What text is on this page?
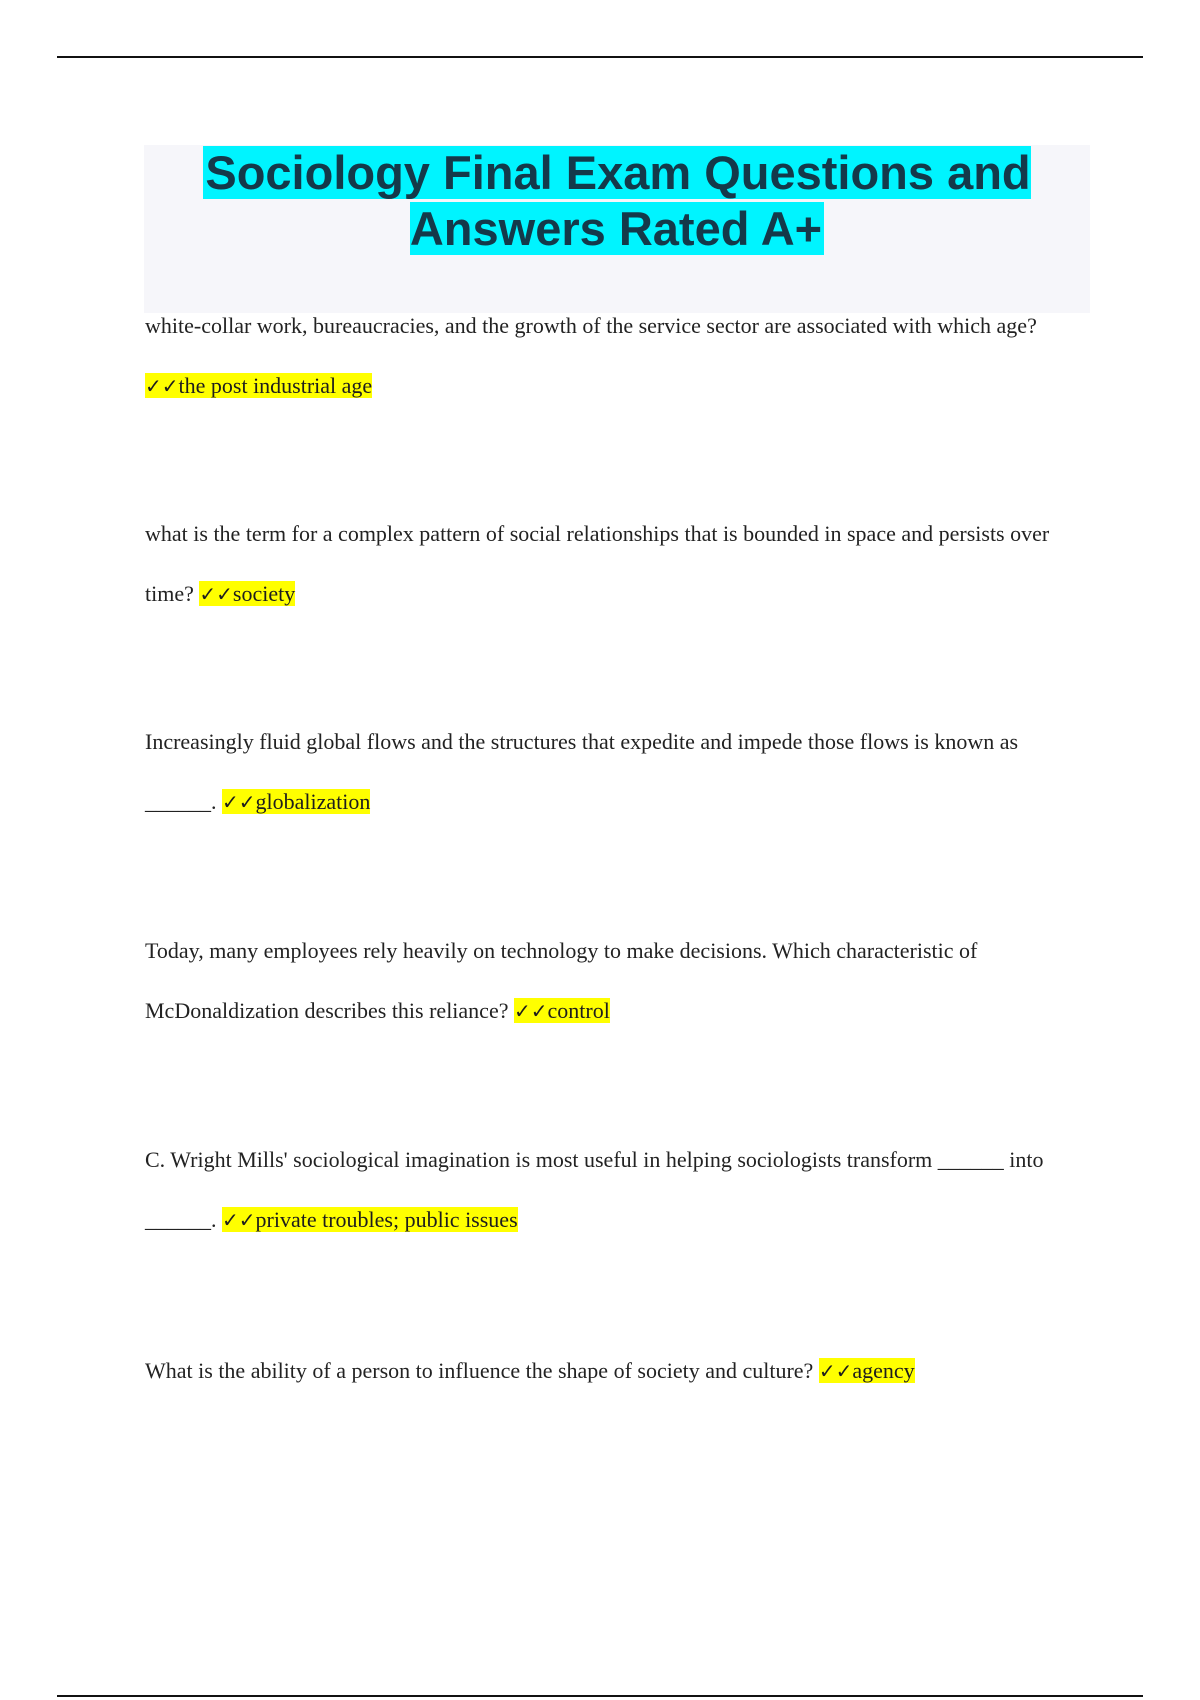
Sociology Final Exam Questions and Answers Rated A+
white-collar work, bureaucracies, and the growth of the service sector are associated with which age? ✓✓the post industrial age
what is the term for a complex pattern of social relationships that is bounded in space and persists over time? ✓✓society
Increasingly fluid global flows and the structures that expedite and impede those flows is known as ______. ✓✓globalization
Today, many employees rely heavily on technology to make decisions. Which characteristic of McDonaldization describes this reliance? ✓✓control
C. Wright Mills' sociological imagination is most useful in helping sociologists transform ______ into ______. ✓✓private troubles; public issues
What is the ability of a person to influence the shape of society and culture? ✓✓agency
